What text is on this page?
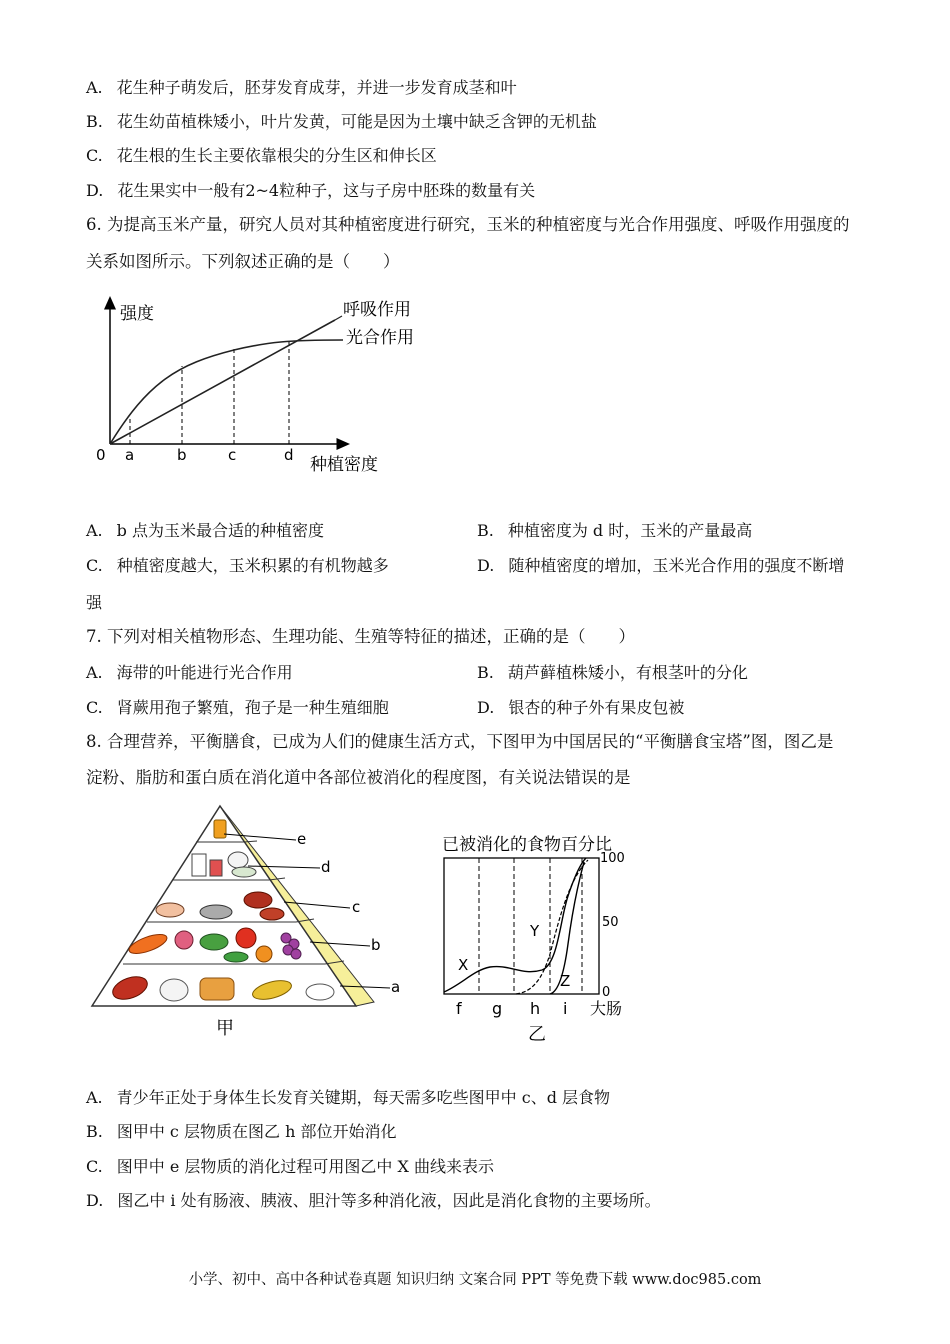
A. 花生种子萌发后，胚芽发育成芽，并进一步发育成茎和叶
B. 花生幼苗植株矮小，叶片发黄，可能是因为土壤中缺乏含钾的无机盐
C. 花生根的生长主要依靠根尖的分生区和伸长区
D. 花生果实中一般有2~4粒种子，这与子房中胚珠的数量有关
6. 为提高玉米产量，研究人员对其种植密度进行研究，玉米的种植密度与光合作用强度、呼吸作用强度的
关系如图所示。下列叙述正确的是（　　）
强度
种植密度
0 a	b	c	d
呼吸作用
光合作用
A. b 点为玉米最合适的种植密度	B. 种植密度为 d 时，玉米的产量最高
C. 种植密度越大，玉米积累的有机物越多	D. 随种植密度的增加，玉米光合作用的强度不断增
强
7. 下列对相关植物形态、生理功能、生殖等特征的描述，正确的是（　　）
A. 海带的叶能进行光合作用	B. 葫芦藓植株矮小，有根茎叶的分化
C. 肾蕨用孢子繁殖，孢子是一种生殖细胞	D. 银杏的种子外有果皮包被
8. 合理营养，平衡膳食，已成为人们的健康生活方式，下图甲为中国居民的“平衡膳食宝塔”图，图乙是
淀粉、脂肪和蛋白质在消化道中各部位被消化的程度图，有关说法错误的是
e
d
c
b
a
甲
已被消化的食物百分比
100
50
0
X
Y
Z
f g h i 大肠
乙
A. 青少年正处于身体生长发育关键期，每天需多吃些图甲中 c、d 层食物
B. 图甲中 c 层物质在图乙 h 部位开始消化
C. 图甲中 e 层物质的消化过程可用图乙中 X 曲线来表示
D. 图乙中 i 处有肠液、胰液、胆汁等多种消化液，因此是消化食物的主要场所。
小学、初中、高中各种试卷真题 知识归纳 文案合同 PPT 等免费下载 www.doc985.com
